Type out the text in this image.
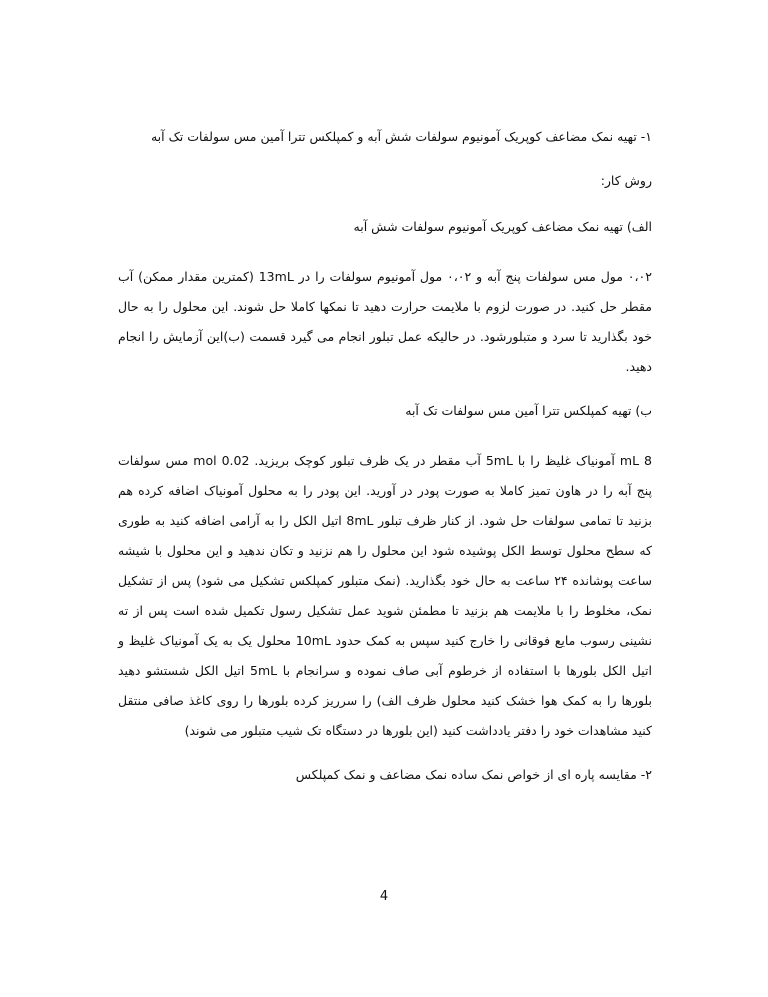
۱- تهیه نمک مضاعف کوپریک آمونیوم سولفات شش آبه و کمپلکس تترا آمین مس سولفات تک آبه
روش کار:
الف) تهیه نمک مضاعف کوپریک آمونیوم سولفات شش آبه
۰،۰۲ مول مس سولفات پنج آبه و ۰،۰۲ مول آمونیوم سولفات را در 13mL (کمترین مقدار ممکن) آب مقطر حل کنید. در صورت لزوم با ملایمت حرارت دهید تا نمکها کاملا حل شوند. این محلول را به حال خود بگذارید تا سرد و متبلورشود. در حالیکه عمل تبلور انجام می گیرد قسمت (ب)این آزمایش را انجام دهید.
ب) تهیه کمپلکس تترا آمین مس سولفات تک آبه
8 mL آمونیاک غلیظ را با 5mL آب مقطر در یک ظرف تبلور کوچک بریزید. 0.02 mol مس سولفات پنج آبه را در هاون تمیز کاملا به صورت پودر در آورید. این پودر را به محلول آمونیاک اضافه کرده هم بزنید تا تمامی سولفات حل شود. از کنار ظرف تبلور 8mL اتیل الکل را به آرامی اضافه کنید به طوری که سطح محلول توسط الکل پوشیده شود این محلول را هم نزنید و تکان ندهید و این محلول با شیشه ساعت پوشانده ۲۴ ساعت به حال خود بگذارید. (نمک متبلور کمپلکس تشکیل می شود) پس از تشکیل نمک، مخلوط را با ملایمت هم بزنید تا مطمئن شوید عمل تشکیل رسول تکمیل شده است پس از ته نشینی رسوب مایع فوقانی را خارج کنید سپس به کمک حدود 10mL محلول یک به یک آمونیاک غلیظ و اتیل الکل بلورها با استفاده از خرطوم آبی صاف نموده و سرانجام با 5mL اتیل الکل شستشو دهید بلورها را به کمک هوا خشک کنید محلول ظرف الف) را سرریز کرده بلورها را روی کاغذ صافی منتقل کنید مشاهدات خود را دفتر یادداشت کنید (این بلورها در دستگاه تک شیب متبلور می شوند)
۲- مقایسه پاره ای از خواص نمک ساده نمک مضاعف و نمک کمپلکس
4
